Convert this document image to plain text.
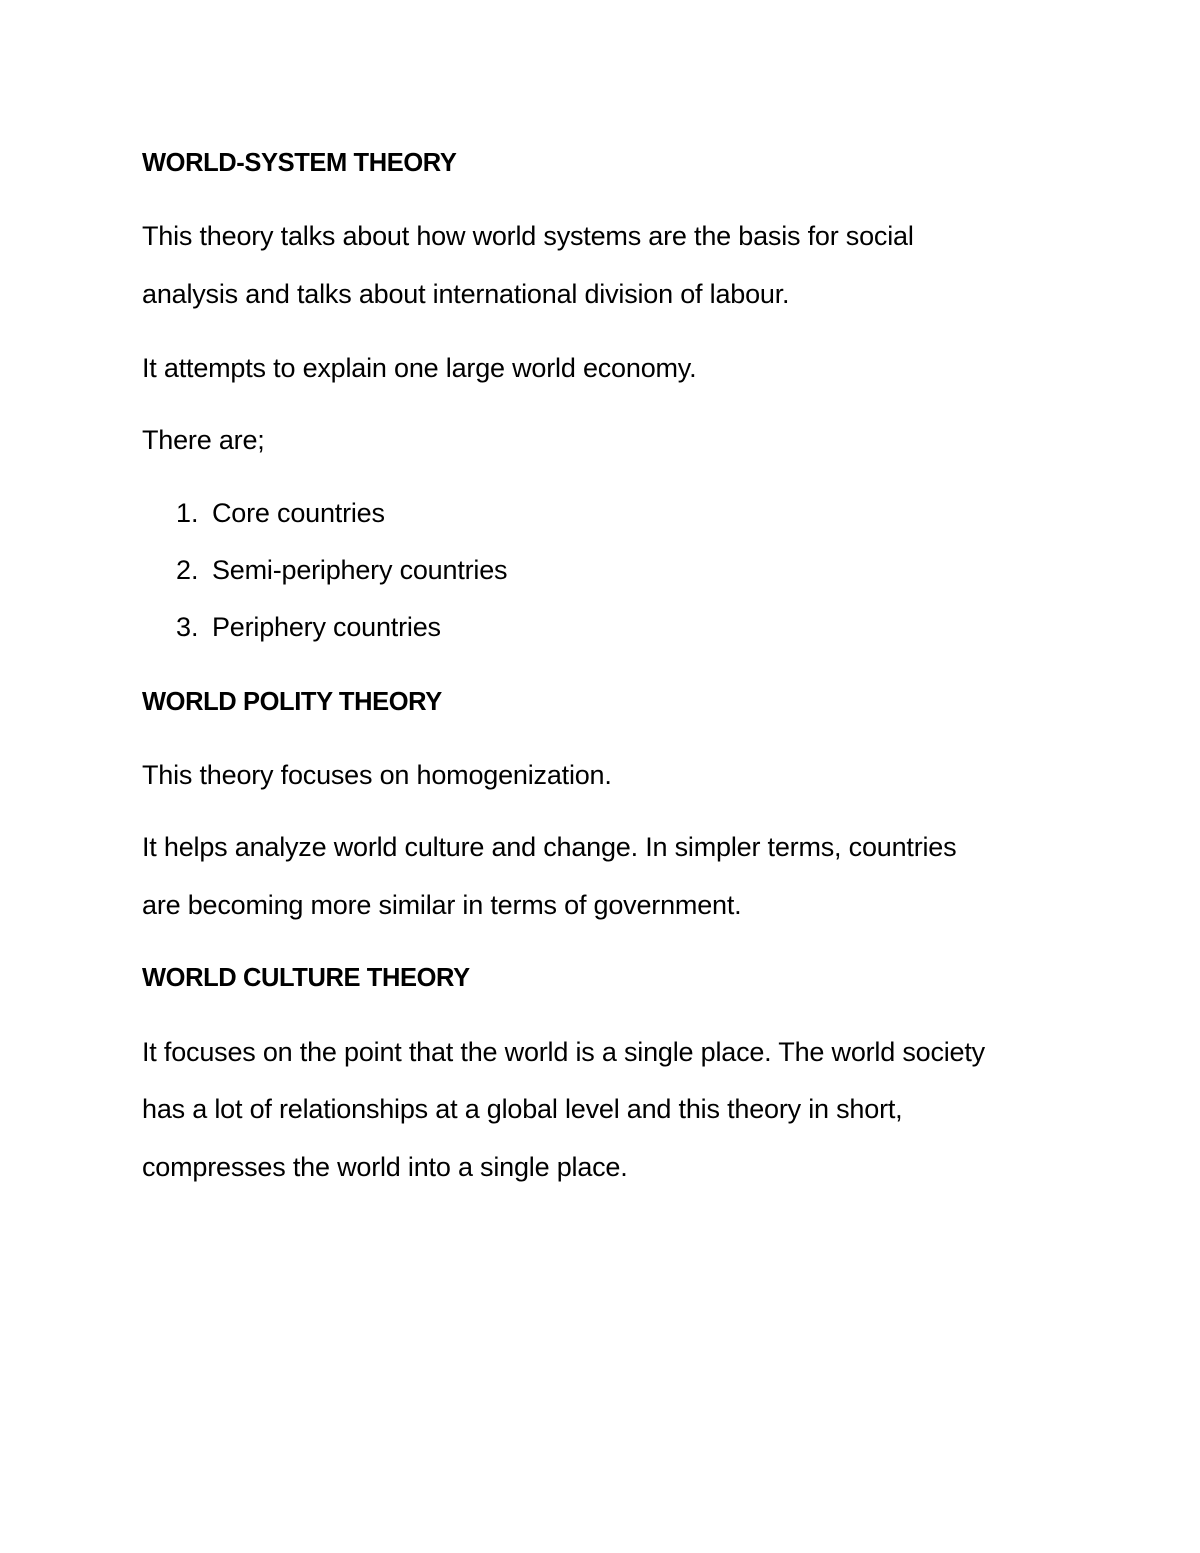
WORLD-SYSTEM THEORY
This theory talks about how world systems are the basis for social
analysis and talks about international division of labour.
It attempts to explain one large world economy.
There are;
1. Core countries
2. Semi-periphery countries
3. Periphery countries
WORLD POLITY THEORY
This theory focuses on homogenization.
It helps analyze world culture and change. In simpler terms, countries
are becoming more similar in terms of government.
WORLD CULTURE THEORY
It focuses on the point that the world is a single place. The world society
has a lot of relationships at a global level and this theory in short,
compresses the world into a single place.
